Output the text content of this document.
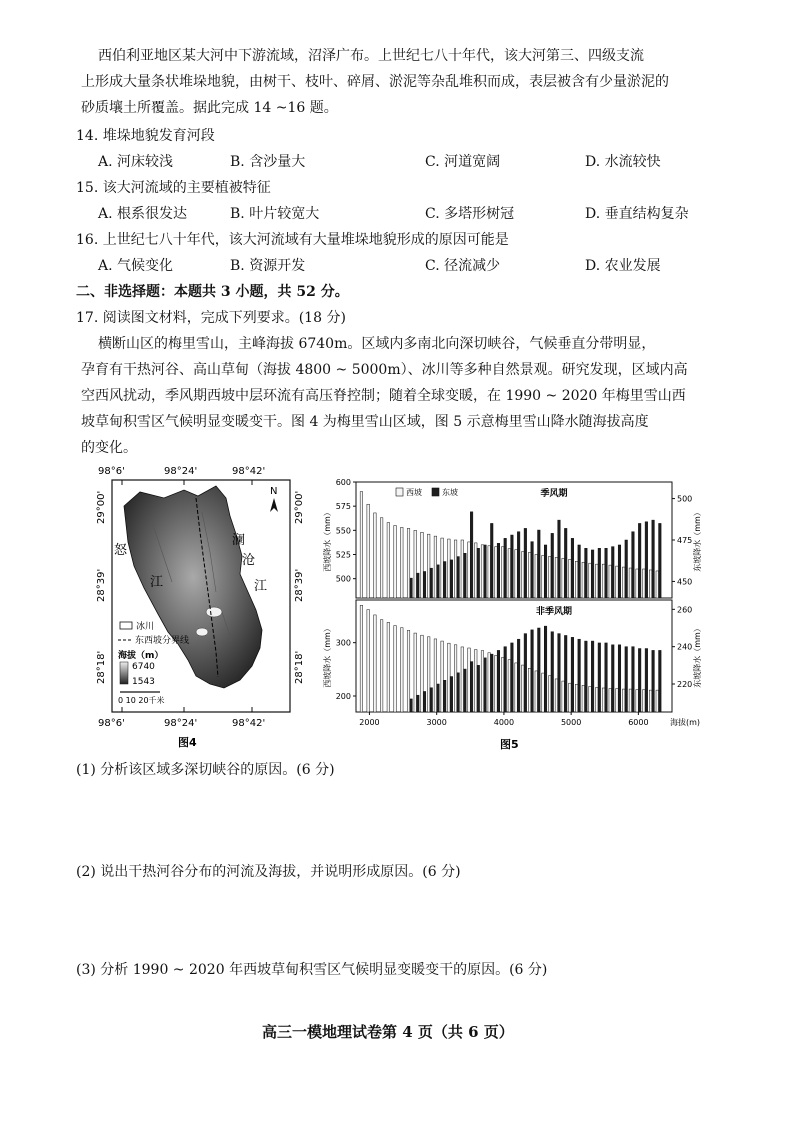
西伯利亚地区某大河中下游流域，沼泽广布。上世纪七八十年代，该大河第三、四级支流
上形成大量条状堆垛地貌，由树干、枝叶、碎屑、淤泥等杂乱堆积而成，表层被含有少量淤泥的
砂质壤土所覆盖。据此完成 14 ~16 题。
14. 堆垛地貌发育河段
A. 河床较浅	B. 含沙量大	C. 河道宽阔	D. 水流较快
15. 该大河流域的主要植被特征
A. 根系很发达	B. 叶片较宽大	C. 多塔形树冠	D. 垂直结构复杂
16. 上世纪七八十年代，该大河流域有大量堆垛地貌形成的原因可能是
A. 气候变化	B. 资源开发	C. 径流减少	D. 农业发展
二、非选择题：本题共 3 小题，共 52 分。
17. 阅读图文材料，完成下列要求。(18 分)
横断山区的梅里雪山，主峰海拔 6740m。区域内多南北向深切峡谷，气候垂直分带明显，
孕育有干热河谷、高山草甸（海拔 4800 ~ 5000m）、冰川等多种自然景观。研究发现，区域内高
空西风扰动，季风期西坡中层环流有高压脊控制；随着全球变暖，在 1990 ~ 2020 年梅里雪山西
坡草甸积雪区气候明显变暖变干。图 4 为梅里雪山区域，图 5 示意梅里雪山降水随海拔高度
的变化。
98°6'	98°24'	98°42'
29°00'
28°39'
28°18'
29°00'
28°39'
28°18'
怒
江
澜
沧
江
N
冰川
东西坡分界线
海拔（m）
6740
1543
0 10 20千米
98°6'	98°24'	98°42'
图4
季风期
500
525
550
575
600
450
475
500
西坡降水（mm）	东坡降水（mm）
西坡	东坡
非季风期
200
300
220
240
260
西坡降水（mm）	东坡降水（mm）
2000	3000	4000	5000	6000	海拔(m)
图5
(1) 分析该区域多深切峡谷的原因。(6 分)
(2) 说出干热河谷分布的河流及海拔，并说明形成原因。(6 分)
(3) 分析 1990 ~ 2020 年西坡草甸积雪区气候明显变暖变干的原因。(6 分)
高三一模地理试卷第 4 页（共 6 页）
